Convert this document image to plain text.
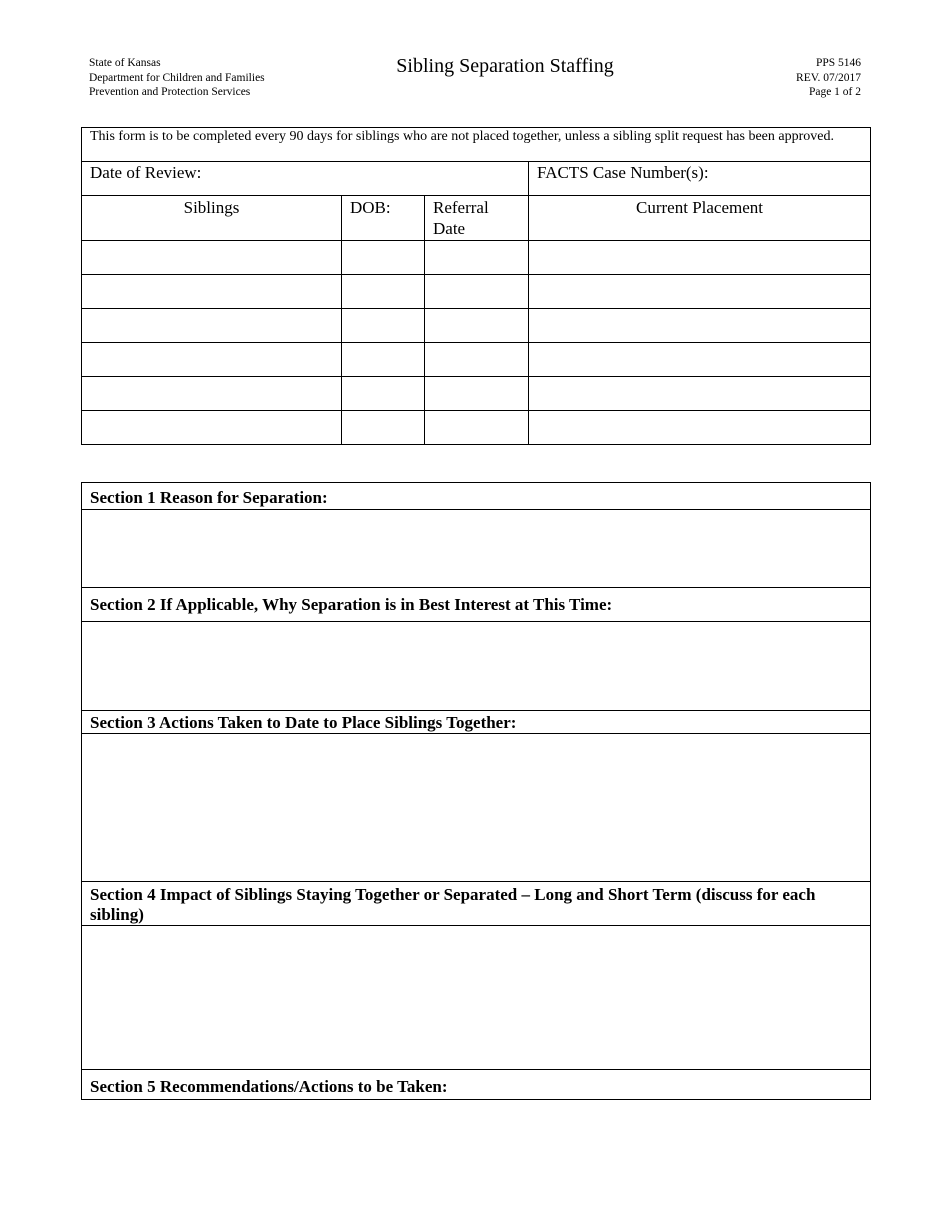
State of Kansas
Department for Children and Families
Prevention and Protection Services
Sibling Separation Staffing	PPS 5146
REV. 07/2017
Page 1 of 2
This form is to be completed every 90 days for siblings who are not placed together, unless a sibling split request has been approved.			
Date of Review:			FACTS Case Number(s):
Siblings	DOB:	Referral Date	Current Placement

Section 1 Reason for Separation:

Section 2 If Applicable, Why Separation is in Best Interest at This Time:

Section 3 Actions Taken to Date to Place Siblings Together:

Section 4 Impact of Siblings Staying Together or Separated – Long and Short Term (discuss for each sibling)

Section 5 Recommendations/Actions to be Taken:
